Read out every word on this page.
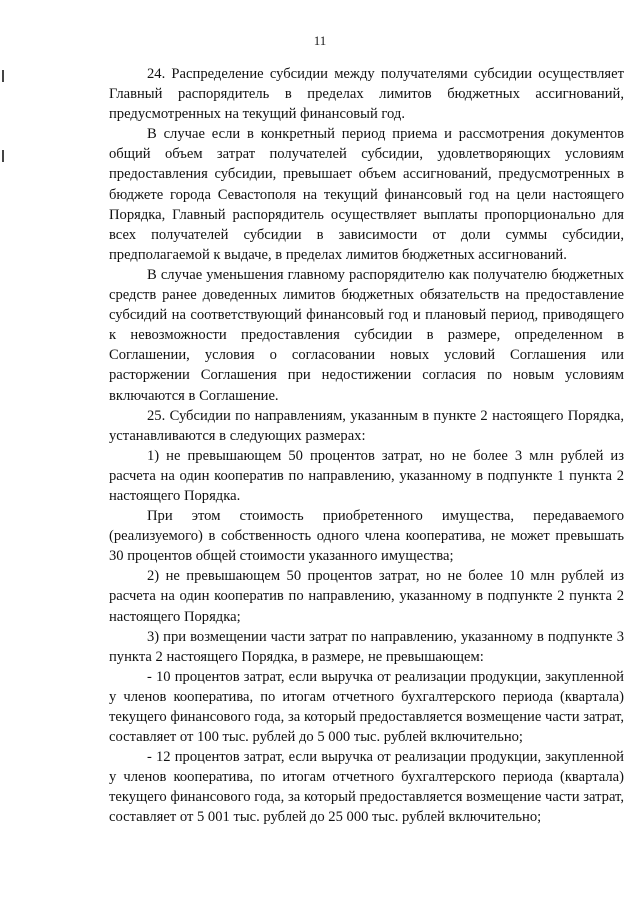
11

24. Распределение субсидии между получателями субсидии осуществляет Главный распорядитель в пределах лимитов бюджетных ассигнований, предусмотренных на текущий финансовый год.

В случае если в конкретный период приема и рассмотрения документов общий объем затрат получателей субсидии, удовлетворяющих условиям предоставления субсидии, превышает объем ассигнований, предусмотренных в бюджете города Севастополя на текущий финансовый год на цели настоящего Порядка, Главный распорядитель осуществляет выплаты пропорционально для всех получателей субсидии в зависимости от доли суммы субсидии, предполагаемой к выдаче, в пределах лимитов бюджетных ассигнований.

В случае уменьшения главному распорядителю как получателю бюджетных средств ранее доведенных лимитов бюджетных обязательств на предоставление субсидий на соответствующий финансовый год и плановый период, приводящего к невозможности предоставления субсидии в размере, определенном в Соглашении, условия о согласовании новых условий Соглашения или расторжении Соглашения при недостижении согласия по новым условиям включаются в Соглашение.

25. Субсидии по направлениям, указанным в пункте 2 настоящего Порядка, устанавливаются в следующих размерах:

1) не превышающем 50 процентов затрат, но не более 3 млн рублей из расчета на один кооператив по направлению, указанному в подпункте 1 пункта 2 настоящего Порядка.

При этом стоимость приобретенного имущества, передаваемого (реализуемого) в собственность одного члена кооператива, не может превышать 30 процентов общей стоимости указанного имущества;

2) не превышающем 50 процентов затрат, но не более 10 млн рублей из расчета на один кооператив по направлению, указанному в подпункте 2 пункта 2 настоящего Порядка;

3) при возмещении части затрат по направлению, указанному в подпункте 3 пункта 2 настоящего Порядка, в размере, не превышающем:

- 10 процентов затрат, если выручка от реализации продукции, закупленной у членов кооператива, по итогам отчетного бухгалтерского периода (квартала) текущего финансового года, за который предоставляется возмещение части затрат, составляет от 100 тыс. рублей до 5 000 тыс. рублей включительно;

- 12 процентов затрат, если выручка от реализации продукции, закупленной у членов кооператива, по итогам отчетного бухгалтерского периода (квартала) текущего финансового года, за который предоставляется возмещение части затрат, составляет от 5 001 тыс. рублей до 25 000 тыс. рублей включительно;
